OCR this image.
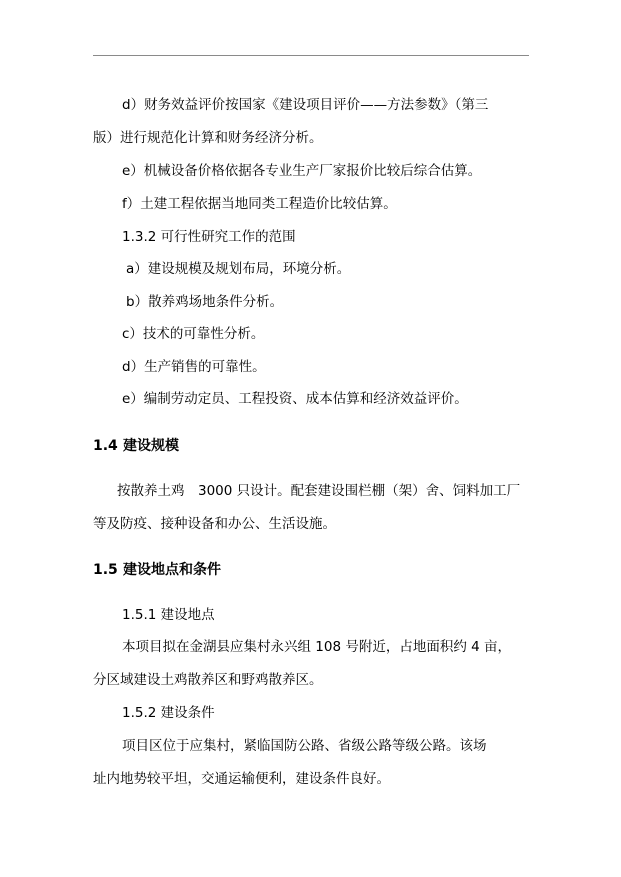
d）财务效益评价按国家《建设项目评价——方法参数》（第三
版）进行规范化计算和财务经济分析。
e）机械设备价格依据各专业生产厂家报价比较后综合估算。
f）土建工程依据当地同类工程造价比较估算。
1.3.2 可行性研究工作的范围
a）建设规模及规划布局，环境分析。
b）散养鸡场地条件分析。
c）技术的可靠性分析。
d）生产销售的可靠性。
e）编制劳动定员、工程投资、成本估算和经济效益评价。
1.4 建设规模
按散养土鸡　3000 只设计。配套建设围栏棚（架）舍、饲料加工厂
等及防疫、接种设备和办公、生活设施。
1.5 建设地点和条件
1.5.1 建设地点
本项目拟在金湖县应集村永兴组 108 号附近，占地面积约 4 亩，
分区域建设土鸡散养区和野鸡散养区。
1.5.2 建设条件
项目区位于应集村，紧临国防公路、省级公路等级公路。该场
址内地势较平坦，交通运输便利，建设条件良好。
